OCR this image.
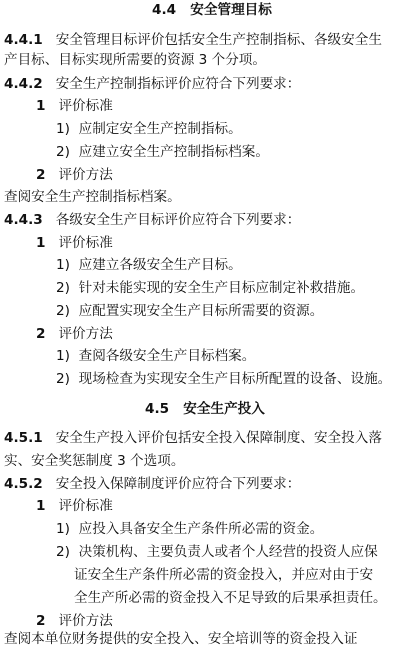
4.4 安全管理目标
4.4.1 安全管理目标评价包括安全生产控制指标、各级安全生
产目标、目标实现所需要的资源 3 个分项。
4.4.2 安全生产控制指标评价应符合下列要求：
1 评价标准
1) 应制定安全生产控制指标。
2) 应建立安全生产控制指标档案。
2 评价方法
查阅安全生产控制指标档案。
4.4.3 各级安全生产目标评价应符合下列要求：
1 评价标准
1) 应建立各级安全生产目标。
2) 针对未能实现的安全生产目标应制定补救措施。
2) 应配置实现安全生产目标所需要的资源。
2 评价方法
1) 查阅各级安全生产目标档案。
2) 现场检查为实现安全生产目标所配置的设备、设施。
4.5 安全生产投入
4.5.1 安全生产投入评价包括安全投入保障制度、安全投入落
实、安全奖惩制度 3 个选项。
4.5.2 安全投入保障制度评价应符合下列要求：
1 评价标准
1) 应投入具备安全生产条件所必需的资金。
2) 决策机构、主要负责人或者个人经营的投资人应保
证安全生产条件所必需的资金投入，并应对由于安
全生产所必需的资金投入不足导致的后果承担责任。
2 评价方法
查阅本单位财务提供的安全投入、安全培训等的资金投入证
